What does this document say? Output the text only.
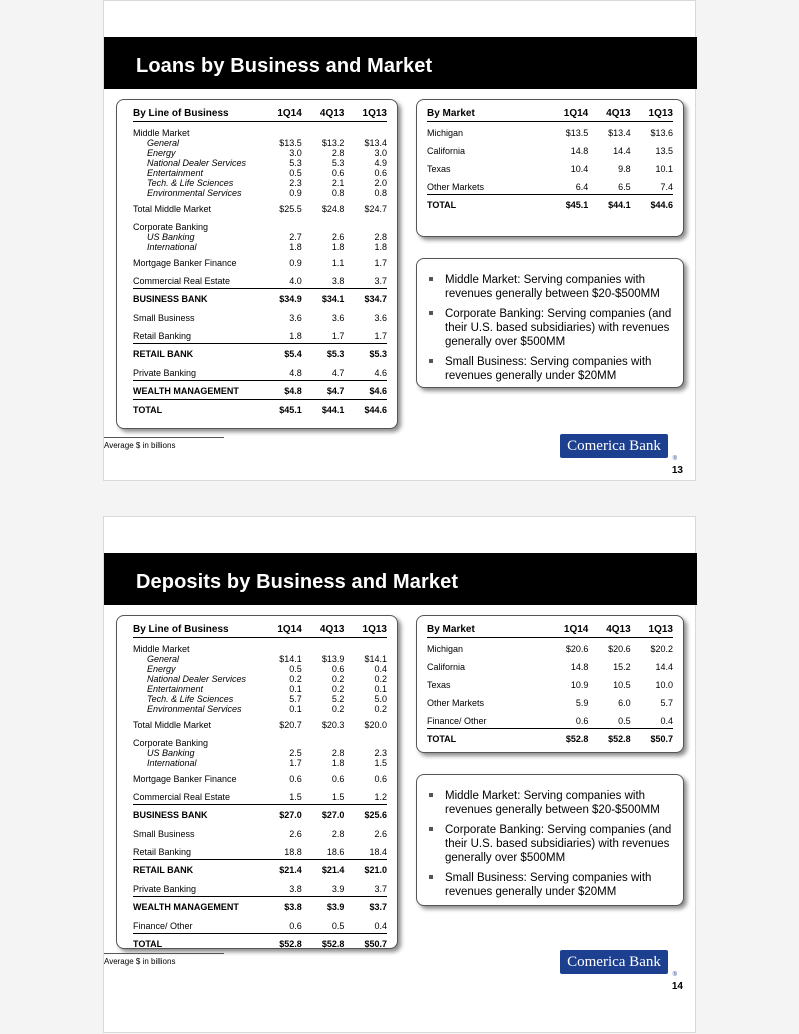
Loans by Business and Market
By Line of Business	1Q14	4Q13	1Q13
Middle Market			
General	$13.5	$13.2	$13.4
Energy	3.0	2.8	3.0
National Dealer Services	5.3	5.3	4.9
Entertainment	0.5	0.6	0.6
Tech. & Life Sciences	2.3	2.1	2.0
Environmental Services	0.9	0.8	0.8
Total Middle Market	$25.5	$24.8	$24.7
Corporate Banking			
US Banking	2.7	2.6	2.8
International	1.8	1.8	1.8
Mortgage Banker Finance	0.9	1.1	1.7
Commercial Real Estate	4.0	3.8	3.7
BUSINESS BANK	$34.9	$34.1	$34.7
Small Business	3.6	3.6	3.6
Retail Banking	1.8	1.7	1.7
RETAIL BANK	$5.4	$5.3	$5.3
Private Banking	4.8	4.7	4.6
WEALTH MANAGEMENT	$4.8	$4.7	$4.6
TOTAL	$45.1	$44.1	$44.6
By Market	1Q14	4Q13	1Q13
Michigan	$13.5	$13.4	$13.6
California	14.8	14.4	13.5
Texas	10.4	9.8	10.1
Other Markets	6.4	6.5	7.4
TOTAL	$45.1	$44.1	$44.6
Middle Market: Serving companies with revenues generally between $20-$500MM
Corporate Banking: Serving companies (and their U.S. based subsidiaries) with revenues generally over $500MM
Small Business: Serving companies with revenues generally under $20MM
Average $ in billions	Comerica Bank
®
13
Deposits by Business and Market
By Line of Business	1Q14	4Q13	1Q13
Middle Market			
General	$14.1	$13.9	$14.1
Energy	0.5	0.6	0.4
National Dealer Services	0.2	0.2	0.2
Entertainment	0.1	0.2	0.1
Tech. & Life Sciences	5.7	5.2	5.0
Environmental Services	0.1	0.2	0.2
Total Middle Market	$20.7	$20.3	$20.0
Corporate Banking			
US Banking	2.5	2.8	2.3
International	1.7	1.8	1.5
Mortgage Banker Finance	0.6	0.6	0.6
Commercial Real Estate	1.5	1.5	1.2
BUSINESS BANK	$27.0	$27.0	$25.6
Small Business	2.6	2.8	2.6
Retail Banking	18.8	18.6	18.4
RETAIL BANK	$21.4	$21.4	$21.0
Private Banking	3.8	3.9	3.7
WEALTH MANAGEMENT	$3.8	$3.9	$3.7
Finance/ Other	0.6	0.5	0.4
TOTAL	$52.8	$52.8	$50.7
By Market	1Q14	4Q13	1Q13
Michigan	$20.6	$20.6	$20.2
California	14.8	15.2	14.4
Texas	10.9	10.5	10.0
Other Markets	5.9	6.0	5.7
Finance/ Other	0.6	0.5	0.4
TOTAL	$52.8	$52.8	$50.7
Middle Market: Serving companies with revenues generally between $20-$500MM
Corporate Banking: Serving companies (and their U.S. based subsidiaries) with revenues generally over $500MM
Small Business: Serving companies with revenues generally under $20MM
Average $ in billions	Comerica Bank
®
14
